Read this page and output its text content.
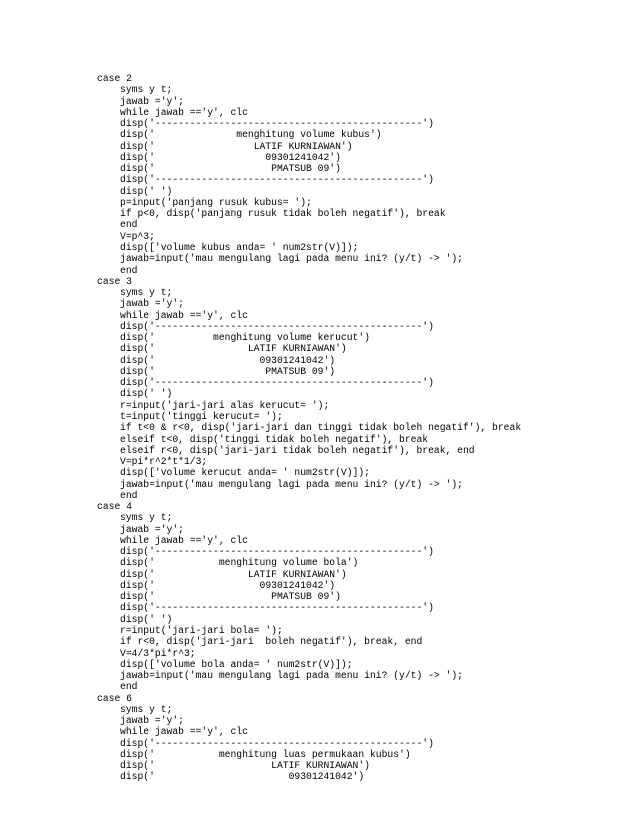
case 2
syms y t;
jawab ='y';
while jawab =='y', clc
disp('----------------------------------------------')
disp('              menghitung volume kubus')
disp('                 LATIF KURNIAWAN')
disp('                   09301241042')
disp('                    PMATSUB 09')
disp('----------------------------------------------')
disp(' ')
p=input('panjang rusuk kubus= ');
if p<0, disp('panjang rusuk tidak boleh negatif'), break
end
V=p^3;
disp(['volume kubus anda= ' num2str(V)]);
jawab=input('mau mengulang lagi pada menu ini? (y/t) -> ');
end
case 3
syms y t;
jawab ='y';
while jawab =='y', clc
disp('----------------------------------------------')
disp('          menghitung volume kerucut')
disp('                LATIF KURNIAWAN')
disp('                  09301241042')
disp('                   PMATSUB 09')
disp('----------------------------------------------')
disp(' ')
r=input('jari-jari alas kerucut= ');
t=input('tinggi kerucut= ');
if t<0 & r<0, disp('jari-jari dan tinggi tidak boleh negatif'), break
elseif t<0, disp('tinggi tidak boleh negatif'), break
elseif r<0, disp('jari-jari tidak boleh negatif'), break, end
V=pi*r^2*t*1/3;
disp(['volume kerucut anda= ' num2str(V)]);
jawab=input('mau mengulang lagi pada menu ini? (y/t) -> ');
end
case 4
syms y t;
jawab ='y';
while jawab =='y', clc
disp('----------------------------------------------')
disp('           menghitung volume bola')
disp('                LATIF KURNIAWAN')
disp('                  09301241042')
disp('                    PMATSUB 09')
disp('----------------------------------------------')
disp(' ')
r=input('jari-jari bola= ');
if r<0, disp('jari-jari  boleh negatif'), break, end
V=4/3*pi*r^3;
disp(['volume bola anda= ' num2str(V)]);
jawab=input('mau mengulang lagi pada menu ini? (y/t) -> ');
end
case 6
syms y t;
jawab ='y';
while jawab =='y', clc
disp('----------------------------------------------')
disp('           menghitung luas permukaan kubus')
disp('                    LATIF KURNIAWAN')
disp('                       09301241042')
